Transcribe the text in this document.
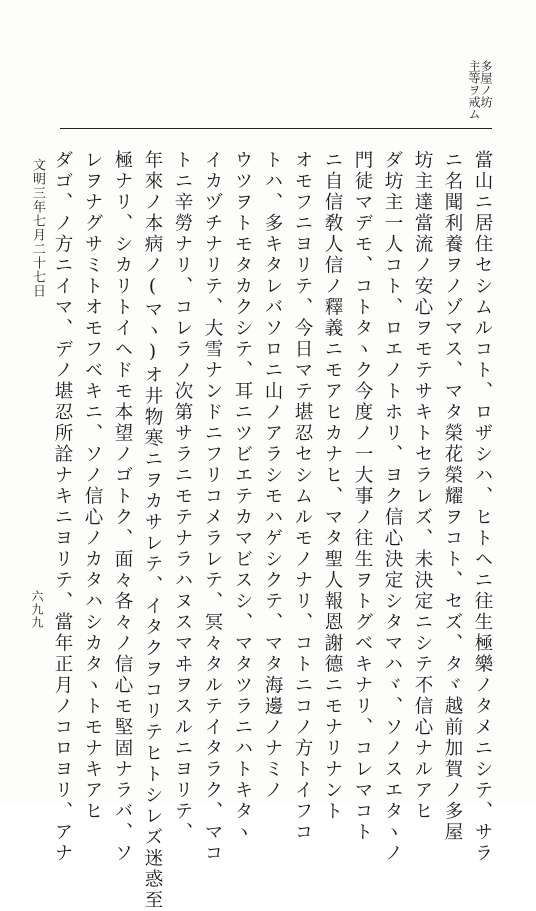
多屋ノ坊
主等ヲ戒ム
當山ニ居住セシムルコト、ロザシハ、ヒトヘニ往生極樂ノタメニシテ、サラ
ニ名聞利養ヲノゾマス、マタ榮花榮耀ヲコト、セズ、タヾ越前加賀ノ多屋
坊主達當流ノ安心ヲモテサキトセラレズ、未決定ニシテ不信心ナルアヒ
ダ坊主一人コト、ロエノトホリ、ヨク信心決定シタマハヾ、ソノスエタヽノ
門徒マデモ、コトタヽク今度ノ一大事ノ往生ヲトグベキナリ、コレマコト
ニ自信敎人信ノ釋義ニモアヒカナヒ、マタ聖人報恩謝德ニモナリナント
オモフニヨリテ、今日マテ堪忍セシムルモノナリ、コトニコノ方トイフコ
トハ、多キタレバソロニ山ノアラシモハゲシクテ、マタ海邊ノナミノ
ウツヲトモタカクシテ、耳ニツビエテカマビスシ、マタツラニハトキタヽ
イカヅチナリテ、大雪ナンドニフリコメラレテ、冥々タルテイタラク、マコ
トニ辛勞ナリ、コレラノ次第サラニモテナラハヌスマヰヲスルニヨリテ、
年來ノ本病ノ(マヽ)オ井物寒ニヲカサレテ、イタクヲコリテヒトシレズ迷惑至
極ナリ、シカリトイヘドモ本望ノゴトク、面々各々ノ信心モ堅固ナラバ、ソ
レヲナグサミトオモフベキニ、ソノ信心ノカタハシカタヽトモナキアヒ
ダゴ、ノ方ニイマ、デノ堪忍所詮ナキニヨリテ、當年正月ノコロヨリ、アナ
文明三年七月二十七日
六九九
